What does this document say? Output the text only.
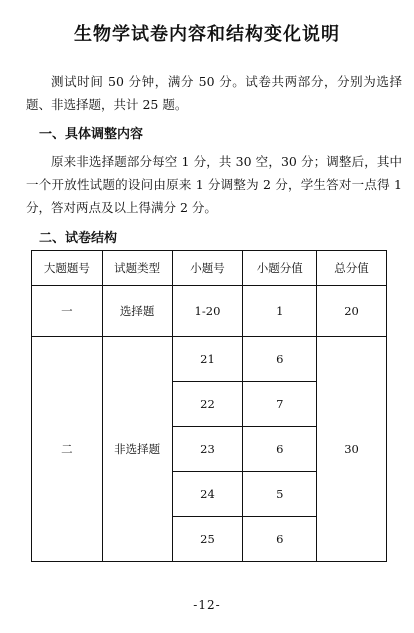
生物学试卷内容和结构变化说明

测试时间 50 分钟，满分 50 分。试卷共两部分，分别为选择题、非选择题，共计 25 题。

一、具体调整内容

原来非选择题部分每空 1 分，共 30 空，30 分；调整后，其中一个开放性试题的设问由原来 1 分调整为 2 分，学生答对一点得 1 分，答对两点及以上得满分 2 分。

二、试卷结构
大题题号	试题类型	小题号	小题分值	总分值
一	选择题	1-20	1	20
二	非选择题	21	6	30
		22	7	
		23	6	
		24	5	
		25	6	
-12-
